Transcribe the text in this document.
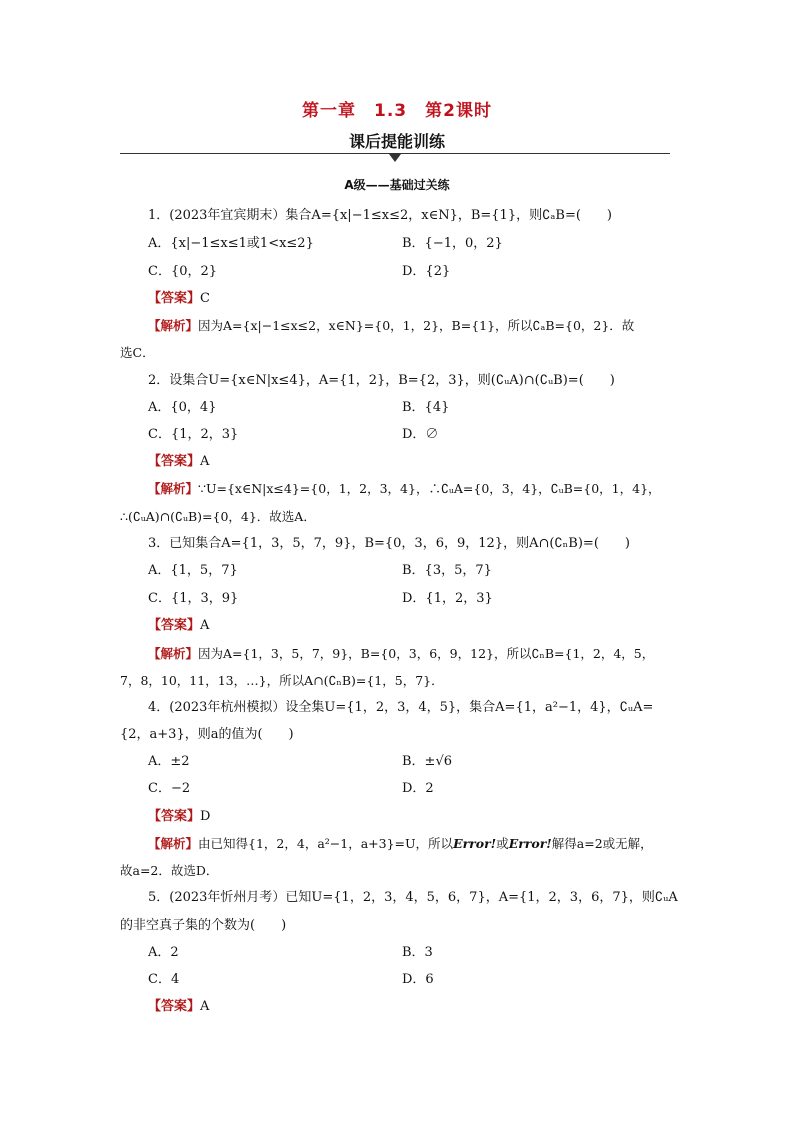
第一章　1.3　第2课时
课后提能训练
A级——基础过关练
1．(2023年宜宾期末）集合A={x|−1≤x≤2，x∈N}，B={1}，则∁ₐB=(　　)
A．{x|−1≤x≤1或1<x≤2}	B．{−1，0，2}
C．{0，2}	D．{2}
【答案】C
【解析】因为A={x|−1≤x≤2，x∈N}={0，1，2}，B={1}，所以∁ₐB={0，2}．故
选C．
2．设集合U={x∈N|x≤4}，A={1，2}，B={2，3}，则(∁ᵤA)∩(∁ᵤB)=(　　)
A．{0，4}	B．{4}
C．{1，2，3}	D．∅
【答案】A
【解析】∵U={x∈N|x≤4}={0，1，2，3，4}，∴∁ᵤA={0，3，4}，∁ᵤB={0，1，4}，
∴(∁ᵤA)∩(∁ᵤB)={0，4}．故选A．
3．已知集合A={1，3，5，7，9}，B={0，3，6，9，12}，则A∩(∁ₙB)=(　　)
A．{1，5，7}	B．{3，5，7}
C．{1，3，9}	D．{1，2，3}
【答案】A
【解析】因为A={1，3，5，7，9}，B={0，3，6，9，12}，所以∁ₙB={1，2，4，5，
7，8，10，11，13，…}，所以A∩(∁ₙB)={1，5，7}．
4．(2023年杭州模拟）设全集U={1，2，3，4，5}，集合A={1，a²−1，4}，∁ᵤA=
{2，a+3}，则a的值为(　　)
A．±2	B．±√6
C．−2	D．2
【答案】D
【解析】由已知得{1，2，4，a²−1，a+3}=U，所以Error!或Error!解得a=2或无解，
故a=2．故选D．
5．(2023年忻州月考）已知U={1，2，3，4，5，6，7}，A={1，2，3，6，7}，则∁ᵤA
的非空真子集的个数为(　　)
A．2	B．3
C．4	D．6
【答案】A
